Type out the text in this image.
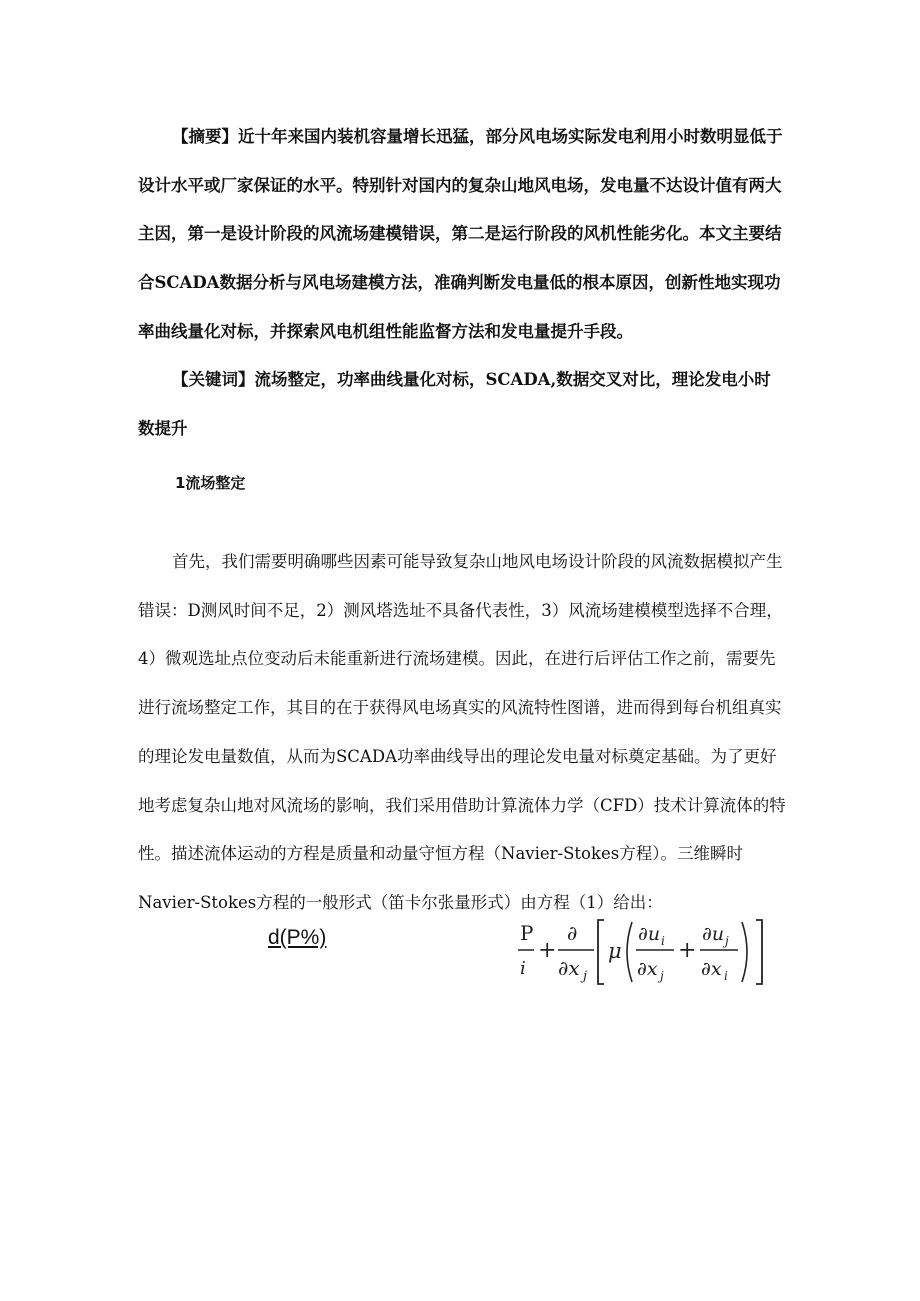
【摘要】近十年来国内装机容量增长迅猛，部分风电场实际发电利用小时数明显低于设计水平或厂家保证的水平。特别针对国内的复杂山地风电场，发电量不达设计值有两大主因，第一是设计阶段的风流场建模错误，第二是运行阶段的风机性能劣化。本文主要结合SCADA数据分析与风电场建模方法，准确判断发电量低的根本原因，创新性地实现功率曲线量化对标，并探索风电机组性能监督方法和发电量提升手段。

【关键词】流场整定，功率曲线量化对标，SCADA,数据交叉对比，理论发电小时数提升

1流场整定

首先，我们需要明确哪些因素可能导致复杂山地风电场设计阶段的风流数据模拟产生错误：D测风时间不足，2）测风塔选址不具备代表性，3）风流场建模模型选择不合理，4）微观选址点位变动后未能重新进行流场建模。因此，在进行后评估工作之前，需要先进行流场整定工作，其目的在于获得风电场真实的风流特性图谱，进而得到每台机组真实的理论发电量数值，从而为SCADA功率曲线导出的理论发电量对标奠定基础。为了更好地考虑复杂山地对风流场的影响，我们采用借助计算流体力学（CFD）技术计算流体的特性。描述流体运动的方程是质量和动量守恒方程（Navier-Stokes方程）。三维瞬时Navier-Stokes方程的一般形式（笛卡尔张量形式）由方程（1）给出：

d(P%)	P
i
+
∂
∂x j
μ
∂u i
∂x j
+
∂u j
∂x i
